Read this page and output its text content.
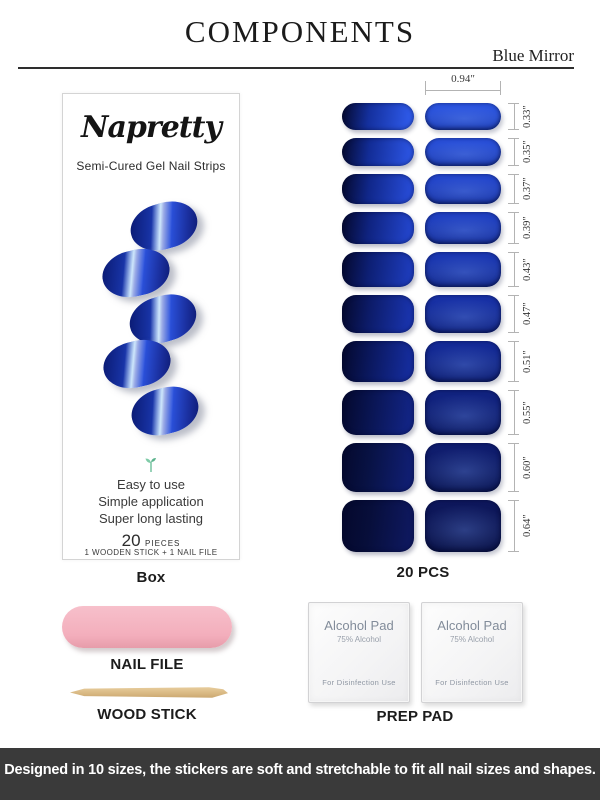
COMPONENTS
Blue Mirror
Napretty
Semi-Cured Gel Nail Strips
Easy to use
Simple application
Super long lasting
20 PIECES
1 WOODEN STICK + 1 NAIL FILE
Box
0.94″
0.33″
0.35″
0.37″
0.39″
0.43″
0.47″
0.51″
0.55″
0.60″
0.64″
20 PCS
NAIL FILE
WOOD STICK
Alcohol Pad
75% Alcohol
For Disinfection Use
Alcohol Pad
75% Alcohol
For Disinfection Use
PREP PAD
Designed in 10 sizes, the stickers are soft and stretchable to fit all nail sizes and shapes.
